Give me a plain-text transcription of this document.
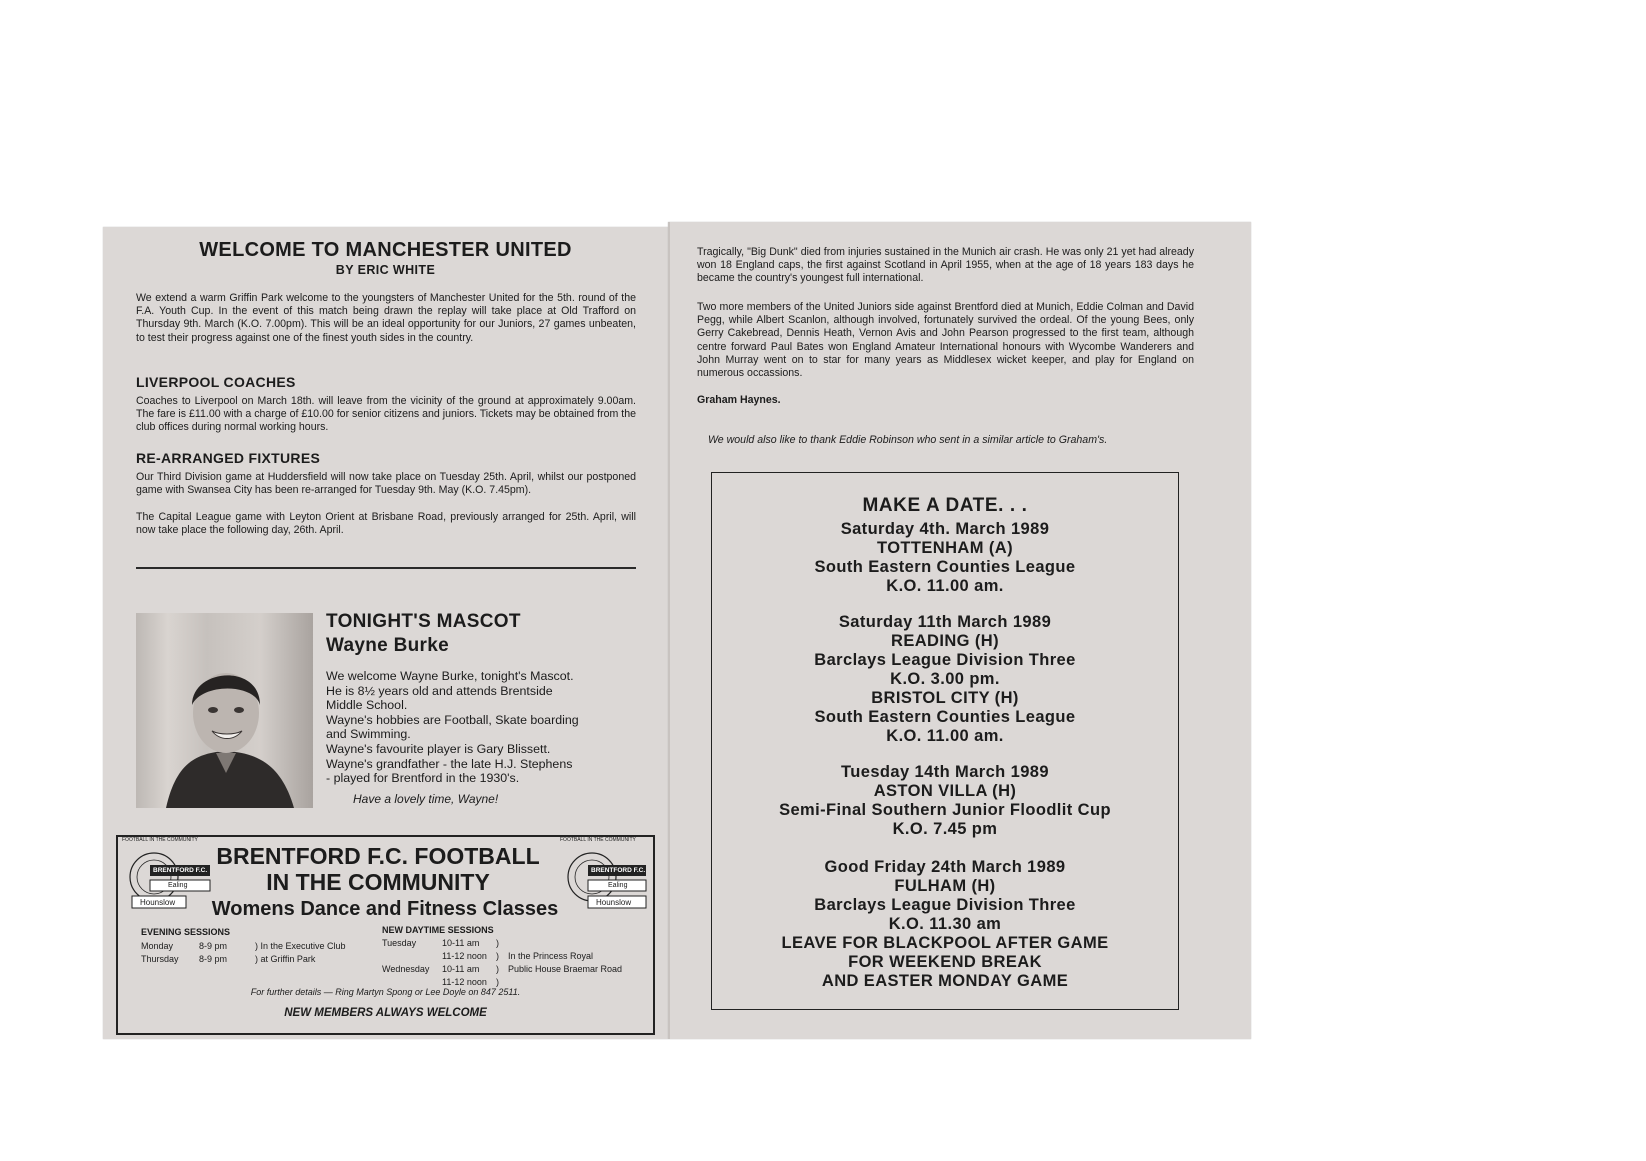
WELCOME TO MANCHESTER UNITED
BY ERIC WHITE
We extend a warm Griffin Park welcome to the youngsters of Manchester United for the 5th. round of the F.A. Youth Cup. In the event of this match being drawn the replay will take place at Old Trafford on Thursday 9th. March (K.O. 7.00pm). This will be an ideal opportunity for our Juniors, 27 games unbeaten, to test their progress against one of the finest youth sides in the country.
LIVERPOOL COACHES
Coaches to Liverpool on March 18th. will leave from the vicinity of the ground at approximately 9.00am. The fare is £11.00 with a charge of £10.00 for senior citizens and juniors. Tickets may be obtained from the club offices during normal working hours.
RE-ARRANGED FIXTURES
Our Third Division game at Huddersfield will now take place on Tuesday 25th. April, whilst our postponed game with Swansea City has been re-arranged for Tuesday 9th. May (K.O. 7.45pm).
The Capital League game with Leyton Orient at Brisbane Road, previously arranged for 25th. April, will now take place the following day, 26th. April.
TONIGHT'S MASCOT
Wayne Burke
We welcome Wayne Burke, tonight's Mascot.
He is 8½ years old and attends Brentside
Middle School.
Wayne's hobbies are Football, Skate boarding
and Swimming.
Wayne's favourite player is Gary Blissett.
Wayne's grandfather - the late H.J. Stephens
- played for Brentford in the 1930's.
Have a lovely time, Wayne!
BRENTFORD F.C.
Ealing
Hounslow
FOOTBALL IN THE COMMUNITY
BRENTFORD F.C.
Ealing
Hounslow
FOOTBALL IN THE COMMUNITY
BRENTFORD F.C. FOOTBALL
IN THE COMMUNITY
Womens Dance and Fitness Classes
EVENING SESSIONS
Monday	8-9 pm	) In the Executive Club
Thursday	8-9 pm	) at Griffin Park
NEW DAYTIME SESSIONS
Tuesday	10-11 am	)
11-12 noon	)	In the Princess Royal
Wednesday	10-11 am	)	Public House Braemar Road
11-12 noon	)
For further details — Ring Martyn Spong or Lee Doyle on 847 2511.
NEW MEMBERS ALWAYS WELCOME
Tragically, "Big Dunk" died from injuries sustained in the Munich air crash. He was only 21 yet had already won 18 England caps, the first against Scotland in April 1955, when at the age of 18 years 183 days he became the country's youngest full international.
Two more members of the United Juniors side against Brentford died at Munich, Eddie Colman and David Pegg, while Albert Scanlon, although involved, fortunately survived the ordeal. Of the young Bees, only Gerry Cakebread, Dennis Heath, Vernon Avis and John Pearson progressed to the first team, although centre forward Paul Bates won England Amateur International honours with Wycombe Wanderers and John Murray went on to star for many years as Middlesex wicket keeper, and play for England on numerous occassions.
Graham Haynes.
We would also like to thank Eddie Robinson who sent in a similar article to Graham's.
MAKE A DATE. . .
Saturday 4th. March 1989
TOTTENHAM (A)
South Eastern Counties League
K.O. 11.00 am.
Saturday 11th March 1989
READING (H)
Barclays League Division Three
K.O. 3.00 pm.
BRISTOL CITY (H)
South Eastern Counties League
K.O. 11.00 am.
Tuesday 14th March 1989
ASTON VILLA (H)
Semi-Final Southern Junior Floodlit Cup
K.O. 7.45 pm
Good Friday 24th March 1989
FULHAM (H)
Barclays League Division Three
K.O. 11.30 am
LEAVE FOR BLACKPOOL AFTER GAME
FOR WEEKEND BREAK
AND EASTER MONDAY GAME
